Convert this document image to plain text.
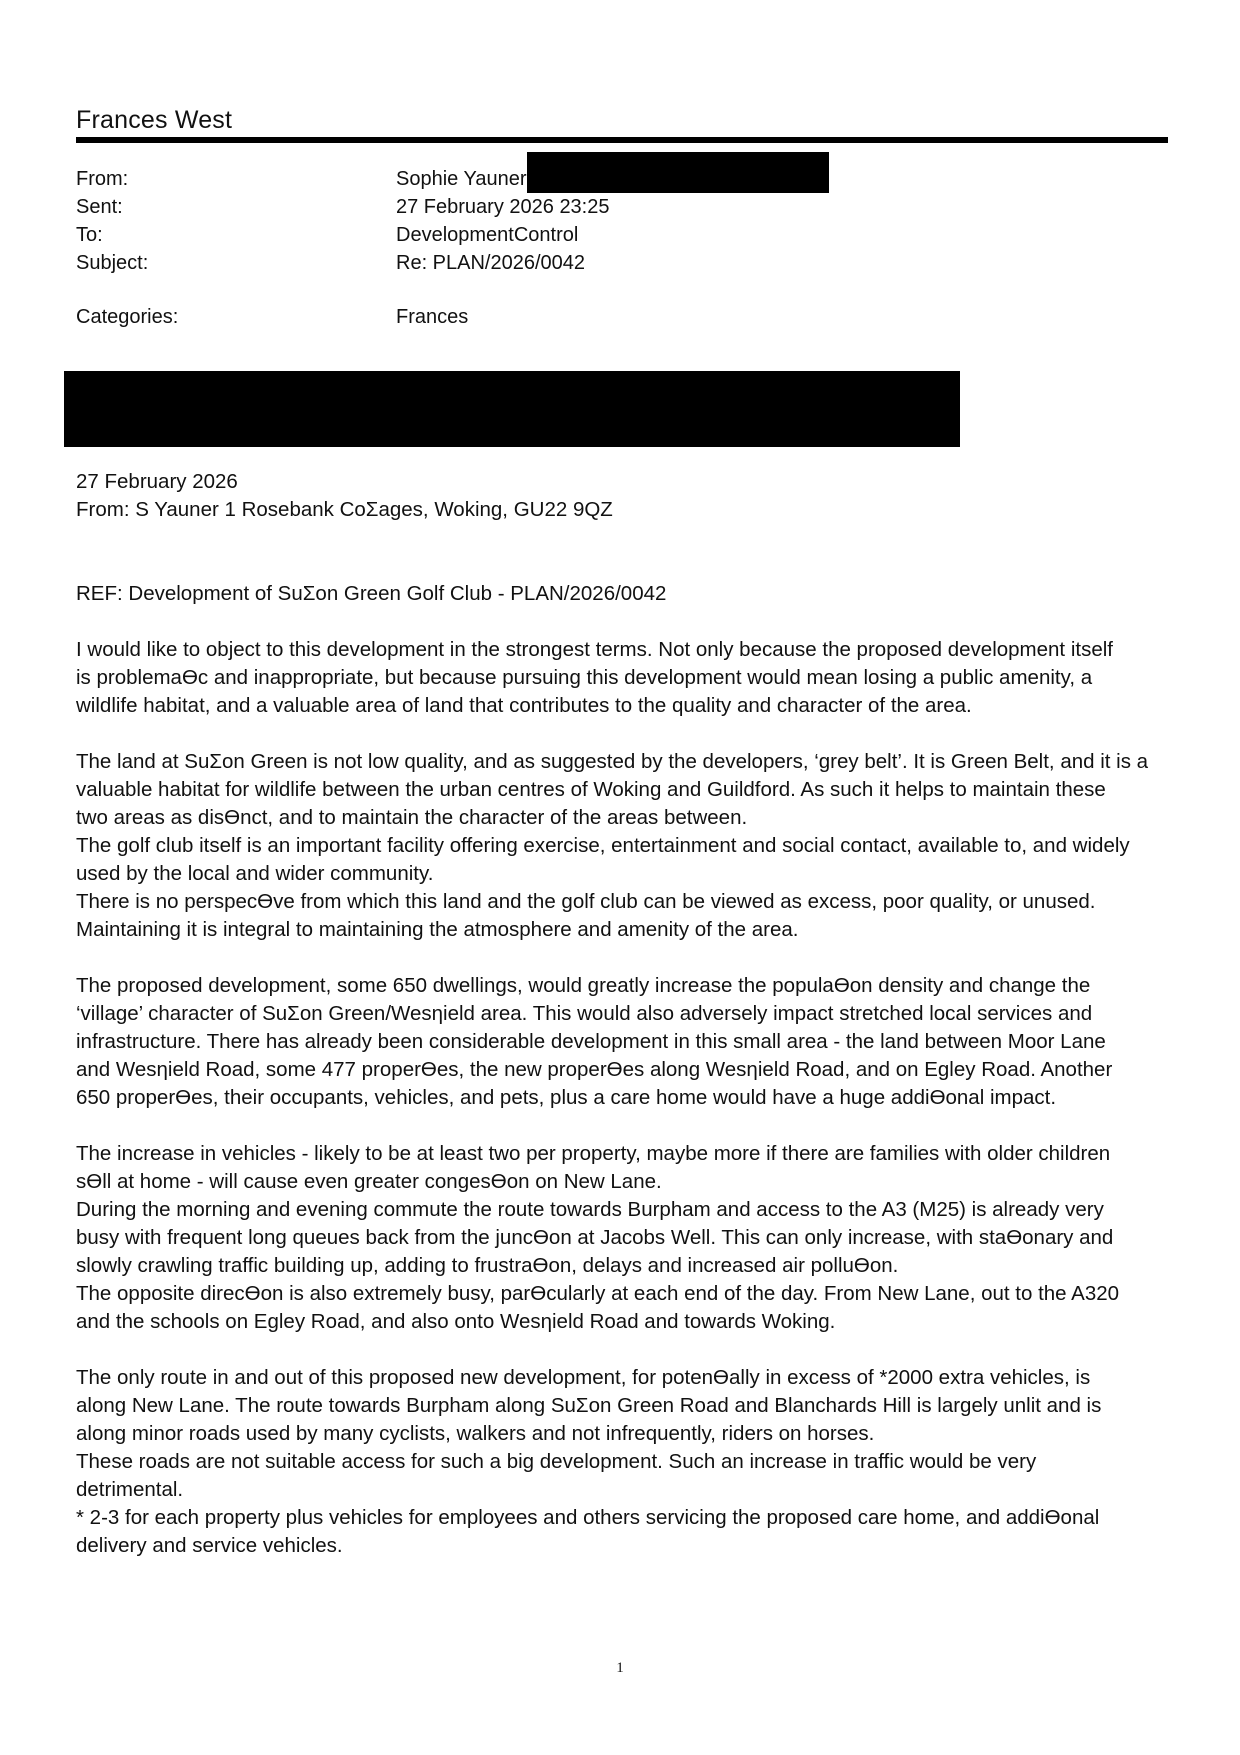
Frances West
From:	Sophie Yauner
Sent:	27 February 2026 23:25
To:	DevelopmentControl
Subject:	Re: PLAN/2026/0042
Categories:	Frances

27 February 2026

From: S Yauner 1 Rosebank CoΣages, Woking, GU22 9QZ

REF: Development of SuΣon Green Golf Club - PLAN/2026/0042

I would like to object to this development in the strongest terms. Not only because the proposed development itself
is problemaϴc and inappropriate, but because pursuing this development would mean losing a public amenity, a
wildlife habitat, and a valuable area of land that contributes to the quality and character of the area.

The land at SuΣon Green is not low quality, and as suggested by the developers, ‘grey belt’. It is Green Belt, and it is a
valuable habitat for wildlife between the urban centres of Woking and Guildford. As such it helps to maintain these
two areas as disϴnct, and to maintain the character of the areas between.

The golf club itself is an important facility offering exercise, entertainment and social contact, available to, and widely
used by the local and wider community.

There is no perspecϴve from which this land and the golf club can be viewed as excess, poor quality, or unused.
Maintaining it is integral to maintaining the atmosphere and amenity of the area.

The proposed development, some 650 dwellings, would greatly increase the populaϴon density and change the
‘village’ character of SuΣon Green/Wesƞield area. This would also adversely impact stretched local services and
infrastructure. There has already been considerable development in this small area - the land between Moor Lane
and Wesƞield Road, some 477 properϴes, the new properϴes along Wesƞield Road, and on Egley Road. Another
650 properϴes, their occupants, vehicles, and pets, plus a care home would have a huge addiϴonal impact.

The increase in vehicles - likely to be at least two per property, maybe more if there are families with older children
sϴll at home - will cause even greater congesϴon on New Lane.

During the morning and evening commute the route towards Burpham and access to the A3 (M25) is already very
busy with frequent long queues back from the juncϴon at Jacobs Well. This can only increase, with staϴonary and
slowly crawling traffic building up, adding to frustraϴon, delays and increased air polluϴon.

The opposite direcϴon is also extremely busy, parϴcularly at each end of the day. From New Lane, out to the A320
and the schools on Egley Road, and also onto Wesƞield Road and towards Woking.

The only route in and out of this proposed new development, for potenϴally in excess of *2000 extra vehicles, is
along New Lane. The route towards Burpham along SuΣon Green Road and Blanchards Hill is largely unlit and is
along minor roads used by many cyclists, walkers and not infrequently, riders on horses.

These roads are not suitable access for such a big development. Such an increase in traffic would be very
detrimental.

* 2-3 for each property plus vehicles for employees and others servicing the proposed care home, and addiϴonal
delivery and service vehicles.

1
